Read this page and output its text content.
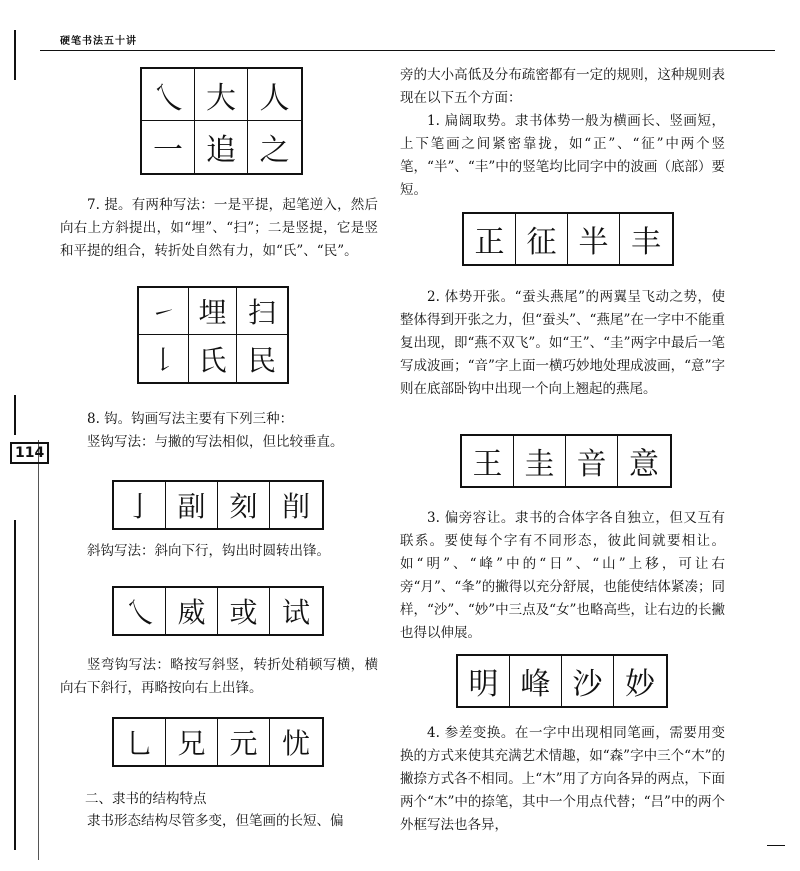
硬笔书法五十讲
114
乀 大 人
一 追 之

7. 提。有两种写法：一是平提，起笔逆入，然后向右上方斜提出，如“埋”、“扫”；二是竖提，它是竖和平提的组合，转折处自然有力，如“氏”、“民”。

㇀ 埋 扫
𠄌 氏 民

8. 钩。钩画写法主要有下列三种：

竖钩写法：与撇的写法相似，但比较垂直。

亅 副 刻 削

斜钩写法：斜向下行，钩出时圆转出锋。

乀 威 或 试

竖弯钩写法：略按写斜竖，转折处稍顿写横，横向右下斜行，再略按向右上出锋。

乚 兄 元 忧
二、隶书的结构特点

隶书形态结构尽管多变，但笔画的长短、偏

旁的大小高低及分布疏密都有一定的规则，这种规则表现在以下五个方面：

1. 扁阔取势。隶书体势一般为横画长、竖画短，上下笔画之间紧密靠拢，如“正”、“征”中两个竖笔，“半”、“丰”中的竖笔均比同字中的波画（底部）要短。

正 征 半 丰

2. 体势开张。“蚕头燕尾”的两翼呈飞动之势，使整体得到开张之力，但“蚕头”、“燕尾”在一字中不能重复出现，即“燕不双飞”。如“王”、“圭”两字中最后一笔写成波画；“音”字上面一横巧妙地处理成波画，“意”字则在底部卧钩中出现一个向上翘起的燕尾。

王 圭 音 意

3. 偏旁容让。隶书的合体字各自独立，但又互有联系。要使每个字有不同形态，彼此间就要相让。如“明”、“峰”中的“日”、“山”上移，可让右旁“月”、“夆”的撇得以充分舒展，也能使结体紧凑；同样，“沙”、“妙”中三点及“女”也略高些，让右边的长撇也得以伸展。

明 峰 沙 妙

4. 参差变换。在一字中出现相同笔画，需要用变换的方式来使其充满艺术情趣，如“森”字中三个“木”的撇捺方式各不相同。上“木”用了方向各异的两点，下面两个“木”中的捺笔，其中一个用点代替；“吕”中的两个外框写法也各异，
